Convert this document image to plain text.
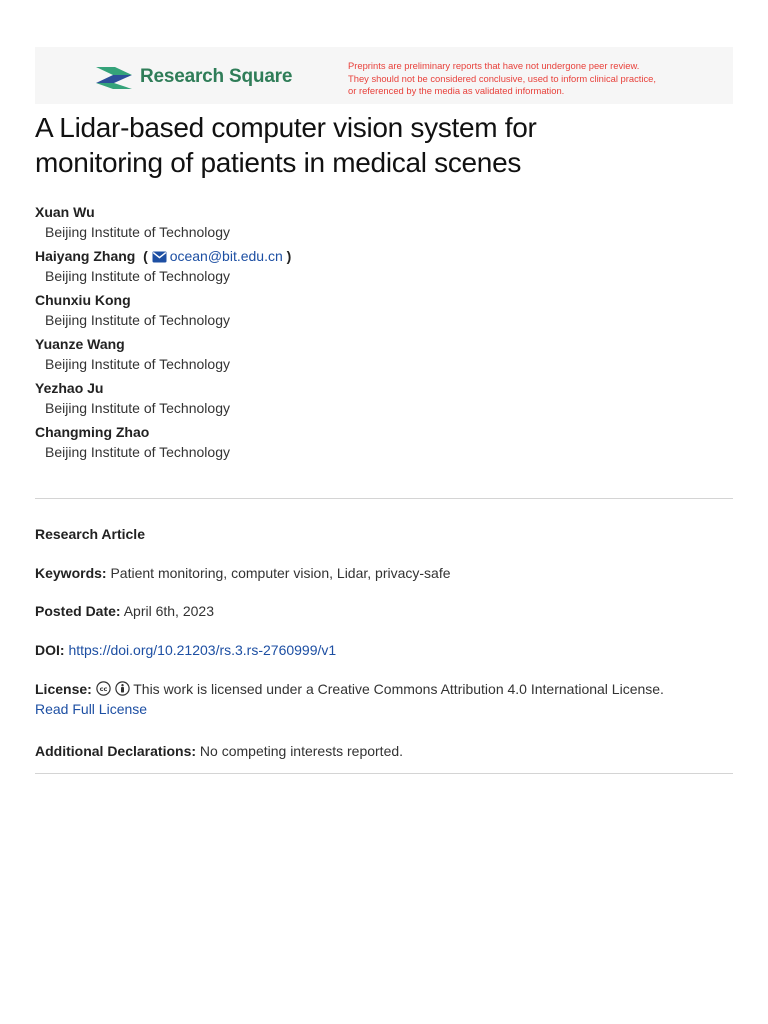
Research Square
Preprints are preliminary reports that have not undergone peer review.
They should not be considered conclusive, used to inform clinical practice,
or referenced by the media as validated information.
A Lidar-based computer vision system for
monitoring of patients in medical scenes
Xuan Wu
Beijing Institute of Technology
Haiyang Zhang  ( ocean@bit.edu.cn )
Beijing Institute of Technology
Chunxiu Kong
Beijing Institute of Technology
Yuanze Wang
Beijing Institute of Technology
Yezhao Ju
Beijing Institute of Technology
Changming Zhao
Beijing Institute of Technology
Research Article
Keywords: Patient monitoring, computer vision, Lidar, privacy-safe
Posted Date: April 6th, 2023
DOI: https://doi.org/10.21203/rs.3.rs-2760999/v1
License: cc This work is licensed under a Creative Commons Attribution 4.0 International License.
Read Full License
Additional Declarations: No competing interests reported.
